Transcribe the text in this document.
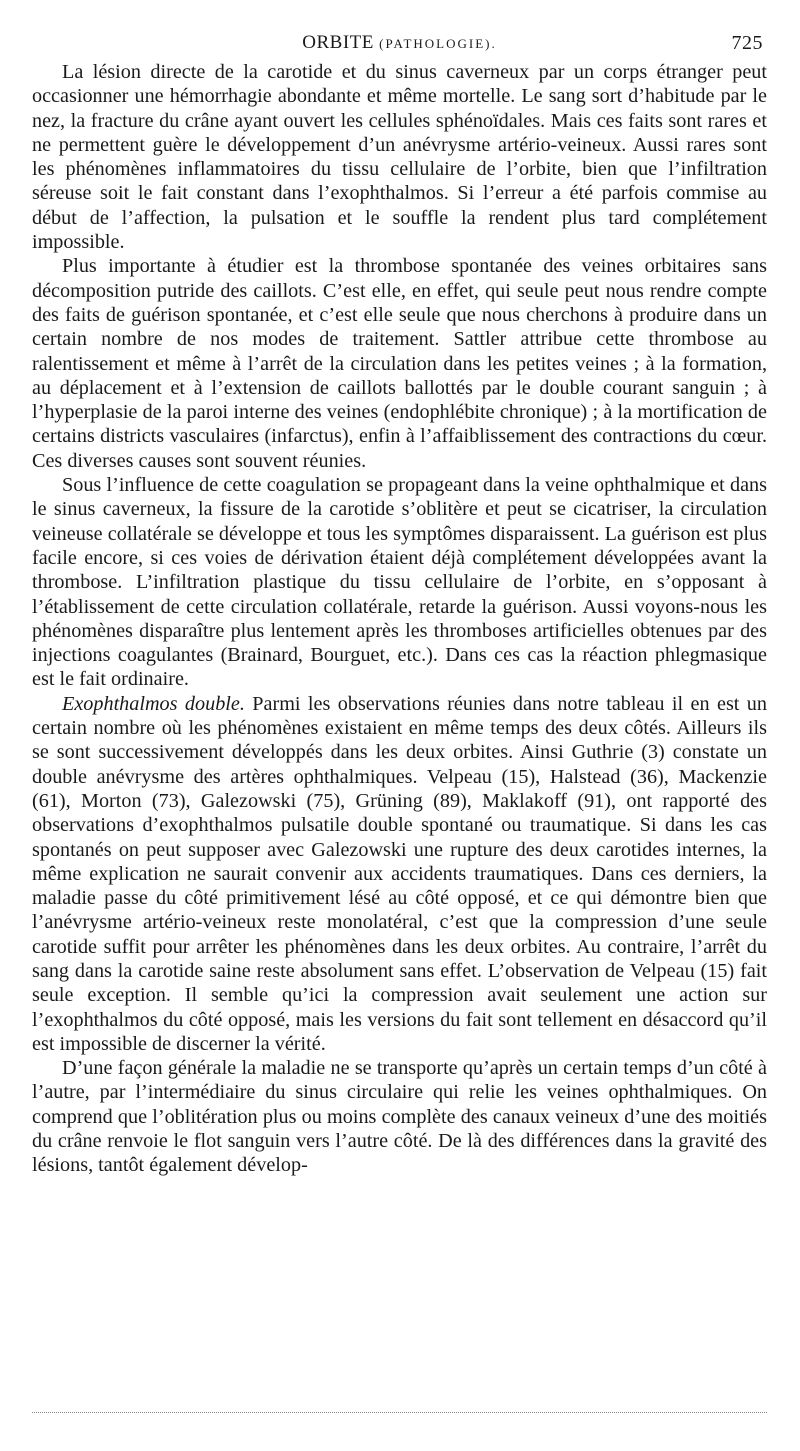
ORBITE (PATHOLOGIE).	725

La lésion directe de la carotide et du sinus caverneux par un corps étranger peut occasionner une hémorrhagie abondante et même mortelle. Le sang sort d’habitude par le nez, la fracture du crâne ayant ouvert les cellules sphénoïdales. Mais ces faits sont rares et ne permettent guère le développement d’un anévrysme artério-veineux. Aussi rares sont les phénomènes inflammatoires du tissu cellulaire de l’orbite, bien que l’infiltration séreuse soit le fait constant dans l’exophthalmos. Si l’erreur a été parfois commise au début de l’affection, la pulsation et le souffle la rendent plus tard complétement impossible.

Plus importante à étudier est la thrombose spontanée des veines orbitaires sans décomposition putride des caillots. C’est elle, en effet, qui seule peut nous rendre compte des faits de guérison spontanée, et c’est elle seule que nous cherchons à produire dans un certain nombre de nos modes de traitement. Sattler attribue cette thrombose au ralentissement et même à l’arrêt de la circulation dans les petites veines ; à la formation, au déplacement et à l’extension de caillots ballottés par le double courant sanguin ; à l’hyperplasie de la paroi interne des veines (endophlébite chronique) ; à la mortification de certains districts vasculaires (infarctus), enfin à l’affaiblissement des contractions du cœur. Ces diverses causes sont souvent réunies.

Sous l’influence de cette coagulation se propageant dans la veine ophthalmique et dans le sinus caverneux, la fissure de la carotide s’oblitère et peut se cicatriser, la circulation veineuse collatérale se développe et tous les symptômes disparaissent. La guérison est plus facile encore, si ces voies de dérivation étaient déjà complétement développées avant la thrombose. L’infiltration plastique du tissu cellulaire de l’orbite, en s’opposant à l’établissement de cette circulation collatérale, retarde la guérison. Aussi voyons-nous les phénomènes disparaître plus lentement après les thromboses artificielles obtenues par des injections coagulantes (Brainard, Bourguet, etc.). Dans ces cas la réaction phlegmasique est le fait ordinaire.

Exophthalmos double. Parmi les observations réunies dans notre tableau il en est un certain nombre où les phénomènes existaient en même temps des deux côtés. Ailleurs ils se sont successivement développés dans les deux orbites. Ainsi Guthrie (3) constate un double anévrysme des artères ophthalmiques. Velpeau (15), Halstead (36), Mackenzie (61), Morton (73), Galezowski (75), Grüning (89), Maklakoff (91), ont rapporté des observations d’exophthalmos pulsatile double spontané ou traumatique. Si dans les cas spontanés on peut supposer avec Galezowski une rupture des deux carotides internes, la même explication ne saurait convenir aux accidents traumatiques. Dans ces derniers, la maladie passe du côté primitivement lésé au côté opposé, et ce qui démontre bien que l’anévrysme artério-veineux reste monolatéral, c’est que la compression d’une seule carotide suffit pour arrêter les phénomènes dans les deux orbites. Au contraire, l’arrêt du sang dans la carotide saine reste absolument sans effet. L’observation de Velpeau (15) fait seule exception. Il semble qu’ici la compression avait seulement une action sur l’exophthalmos du côté opposé, mais les versions du fait sont tellement en désaccord qu’il est impossible de discerner la vérité.

D’une façon générale la maladie ne se transporte qu’après un certain temps d’un côté à l’autre, par l’intermédiaire du sinus circulaire qui relie les veines ophthalmiques. On comprend que l’oblitération plus ou moins complète des canaux veineux d’une des moitiés du crâne renvoie le flot sanguin vers l’autre côté. De là des différences dans la gravité des lésions, tantôt également dévelop-
